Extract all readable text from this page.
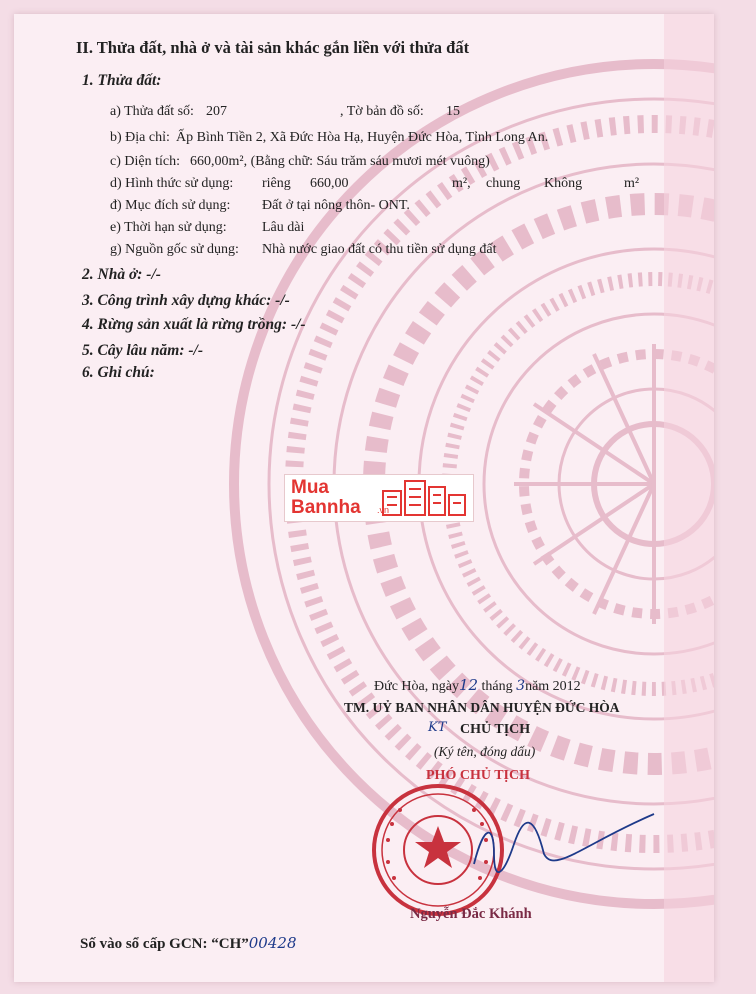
II. Thửa đất, nhà ở và tài sản khác gắn liền với thửa đất
1. Thửa đất:
a) Thửa đất số: 207	, Tờ bản đồ số: 15
b) Địa chỉ: Ấp Bình Tiền 2, Xã Đức Hòa Hạ, Huyện Đức Hòa, Tỉnh Long An.
c) Diện tích: 660,00m², (Bằng chữ: Sáu trăm sáu mươi mét vuông)
d) Hình thức sử dụng: riêng 660,00	m², chung Không	m²
đ) Mục đích sử dụng: Đất ở tại nông thôn- ONT.
e) Thời hạn sử dụng:	Lâu dài
g) Nguồn gốc sử dụng: Nhà nước giao đất có thu tiền sử dụng đất
2. Nhà ở: -/-
3. Công trình xây dựng khác: -/-
4. Rừng sản xuất là rừng trồng: -/-
5. Cây lâu năm: -/-
6. Ghi chú:
Mua
Bannha .vn
Đức Hòa, ngày12 tháng 3năm 2012
TM. UỶ BAN NHÂN DÂN HUYỆN ĐỨC HÒA
KT CHỦ TỊCH
(Ký tên, đóng dấu)
PHÓ CHỦ TỊCH
Nguyễn Đắc Khánh
Số vào sổ cấp GCN: “CH”00428
